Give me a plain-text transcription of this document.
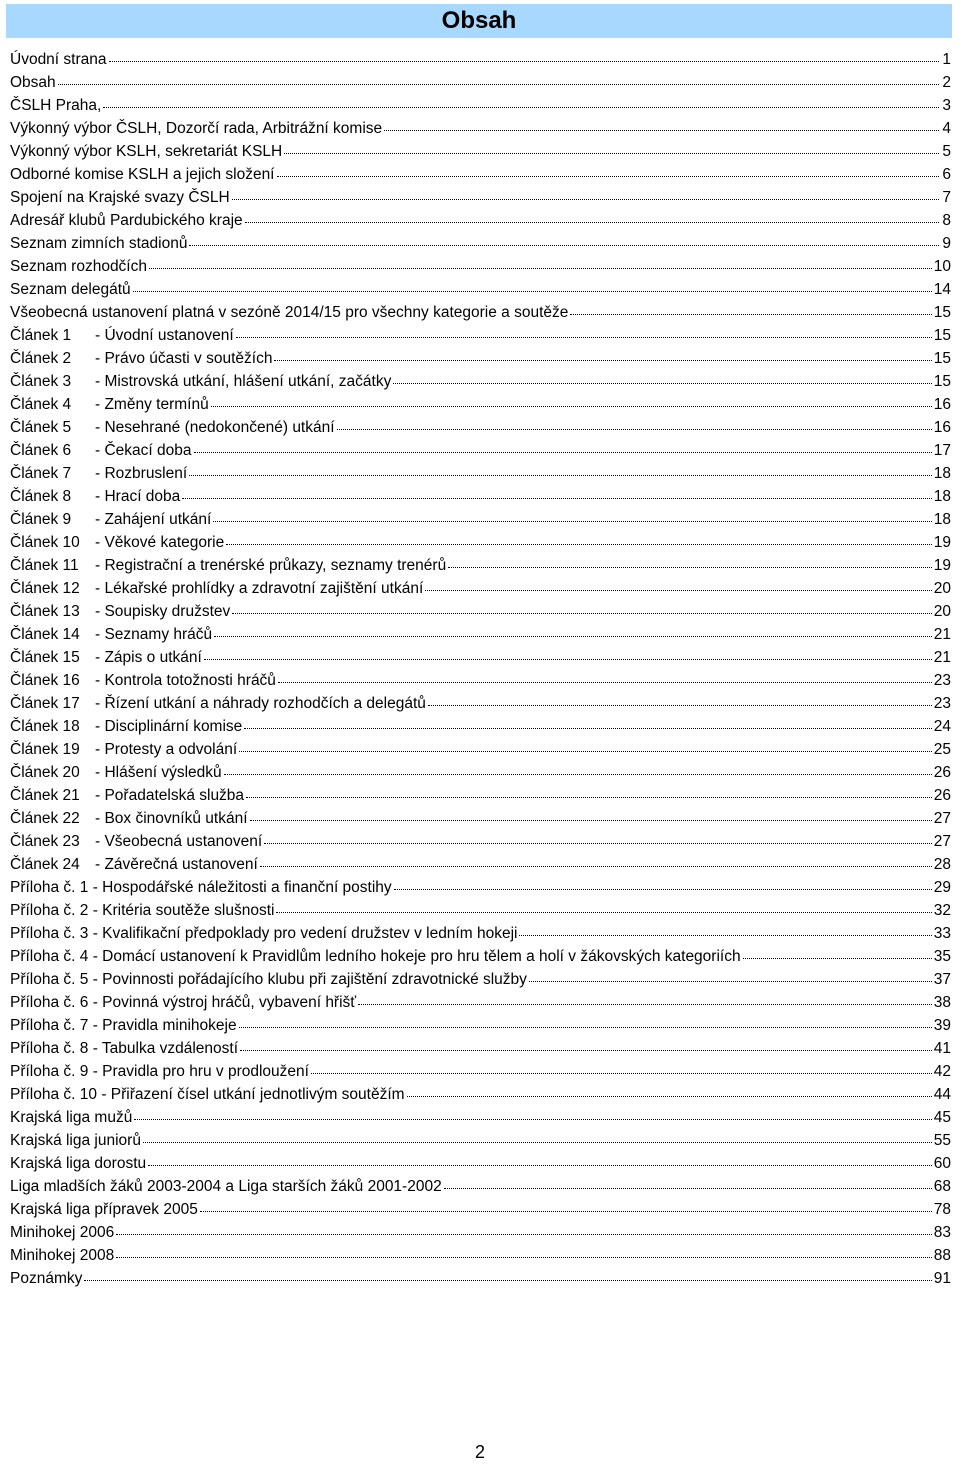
Obsah
Úvodní strana	1
Obsah	2
ČSLH Praha,	3
Výkonný výbor ČSLH, Dozorčí rada, Arbitrážní komise	4
Výkonný výbor KSLH, sekretariát KSLH	5
Odborné komise KSLH a jejich složení	6
Spojení na Krajské svazy ČSLH	7
Adresář klubů Pardubického kraje	8
Seznam zimních stadionů	9
Seznam rozhodčích	10
Seznam delegátů	14
Všeobecná ustanovení platná v sezóně 2014/15 pro všechny kategorie a soutěže	15
Článek 1	- Úvodní ustanovení	15
Článek 2	- Právo účasti v soutěžích	15
Článek 3	- Mistrovská utkání, hlášení utkání, začátky	15
Článek 4	- Změny termínů	16
Článek 5	- Nesehrané (nedokončené) utkání	16
Článek 6	- Čekací doba	17
Článek 7	- Rozbruslení	18
Článek 8	- Hrací doba	18
Článek 9	- Zahájení utkání	18
Článek 10 - Věkové kategorie	19
Článek 11	- Registrační a trenérské průkazy, seznamy trenérů	19
Článek 12 - Lékařské prohlídky a zdravotní zajištění utkání	20
Článek 13 - Soupisky družstev	20
Článek 14 - Seznamy hráčů	21
Článek 15 - Zápis o utkání	21
Článek 16 - Kontrola totožnosti hráčů	23
Článek 17 - Řízení utkání a náhrady rozhodčích a delegátů	23
Článek 18 - Disciplinární komise	24
Článek 19 - Protesty a odvolání	25
Článek 20 - Hlášení výsledků	26
Článek 21 - Pořadatelská služba	26
Článek 22 - Box činovníků utkání	27
Článek 23 - Všeobecná ustanovení	27
Článek 24 - Závěrečná ustanovení	28
Příloha č. 1 - Hospodářské náležitosti a finanční postihy	29
Příloha č. 2 - Kritéria soutěže slušnosti	32
Příloha č. 3 - Kvalifikační předpoklady pro vedení družstev v ledním hokeji	33
Příloha č. 4 - Domácí ustanovení k Pravidlům ledního hokeje pro hru tělem a holí v žákovských kategoriích	35
Příloha č. 5 - Povinnosti pořádajícího klubu při zajištění zdravotnické služby	37
Příloha č. 6 - Povinná výstroj hráčů, vybavení hřišť	38
Příloha č. 7 - Pravidla minihokeje	39
Příloha č. 8 - Tabulka vzdáleností	41
Příloha č. 9 - Pravidla pro hru v prodloužení	42
Příloha č. 10 - Přiřazení čísel utkání jednotlivým soutěžím	44
Krajská liga mužů	45
Krajská liga juniorů	55
Krajská liga dorostu	60
Liga mladších žáků 2003-2004 a Liga starších žáků 2001-2002	68
Krajská liga přípravek 2005	78
Minihokej 2006	83
Minihokej 2008	88
Poznámky	91
2
